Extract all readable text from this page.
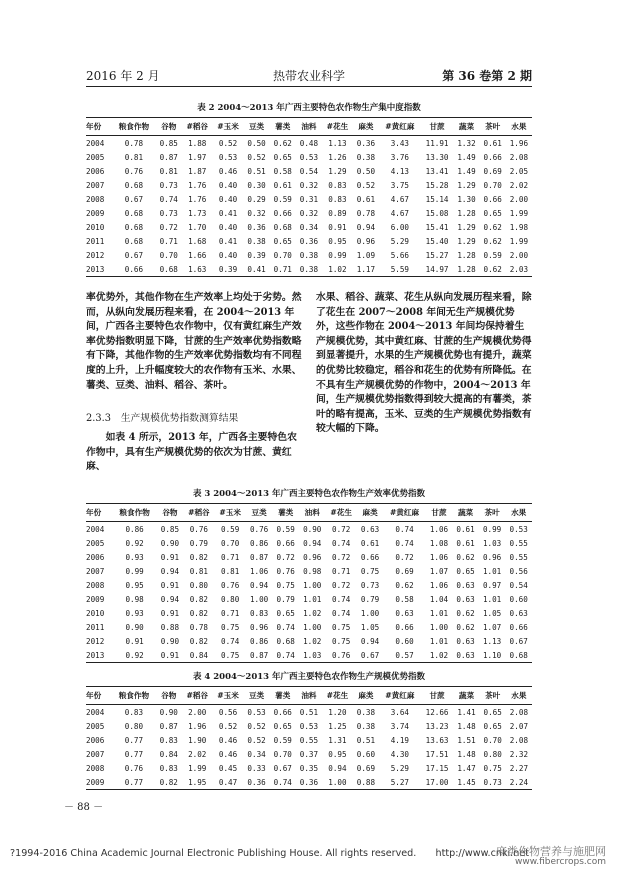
2016 年 2 月	热带农业科学	第 36 卷第 2 期
表 2 2004～2013 年广西主要特色农作物生产集中度指数
年份	粮食作物	谷物	#稻谷	#玉米	豆类	薯类	油料	#花生	麻类	#黄红麻	甘蔗	蔬菜	茶叶	水果
2004	0.78	0.85	1.88	0.52	0.50	0.62	0.48	1.13	0.36	3.43	11.91	1.32	0.61	1.96
2005	0.81	0.87	1.97	0.53	0.52	0.65	0.53	1.26	0.38	3.76	13.30	1.49	0.66	2.08
2006	0.76	0.81	1.87	0.46	0.51	0.58	0.54	1.29	0.50	4.13	13.41	1.49	0.69	2.05
2007	0.68	0.73	1.76	0.40	0.30	0.61	0.32	0.83	0.52	3.75	15.28	1.29	0.70	2.02
2008	0.67	0.74	1.76	0.40	0.29	0.59	0.31	0.83	0.61	4.67	15.14	1.30	0.66	2.00
2009	0.68	0.73	1.73	0.41	0.32	0.66	0.32	0.89	0.78	4.67	15.08	1.28	0.65	1.99
2010	0.68	0.72	1.70	0.40	0.36	0.68	0.34	0.91	0.94	6.00	15.41	1.29	0.62	1.98
2011	0.68	0.71	1.68	0.41	0.38	0.65	0.36	0.95	0.96	5.29	15.40	1.29	0.62	1.99
2012	0.67	0.70	1.66	0.40	0.39	0.70	0.38	0.99	1.09	5.66	15.27	1.28	0.59	2.00
2013	0.66	0.68	1.63	0.39	0.41	0.71	0.38	1.02	1.17	5.59	14.97	1.28	0.62	2.03
率优势外，其他作物在生产效率上均处于劣势。然而，从纵向发展历程来看，在 2004～2013 年间，广西各主要特色农作物中，仅有黄红麻生产效率优势指数明显下降，甘蔗的生产效率优势指数略有下降，其他作物的生产效率优势指数均有不同程度的上升，上升幅度较大的农作物有玉米、水果、薯类、豆类、油料、稻谷、茶叶。
2.3.3　生产规模优势指数测算结果
如表 4 所示，2013 年，广西各主要特色农作物中，具有生产规模优势的依次为甘蔗、黄红麻、
水果、稻谷、蔬菜、花生从纵向发展历程来看，除了花生在 2007～2008 年间无生产规模优势外，这些作物在 2004～2013 年间均保持着生产规模优势，其中黄红麻、甘蔗的生产规模优势得到显著提升，水果的生产规模优势也有提升，蔬菜的优势比较稳定，稻谷和花生的优势有所降低。在不具有生产规模优势的作物中，2004～2013 年间，生产规模优势指数得到较大提高的有薯类，茶叶的略有提高，玉米、豆类的生产规模优势指数有较大幅的下降。
表 3 2004～2013 年广西主要特色农作物生产效率优势指数
年份	粮食作物	谷物	#稻谷	#玉米	豆类	薯类	油料	#花生	麻类	#黄红麻	甘蔗	蔬菜	茶叶	水果
2004	0.86	0.85	0.76	0.59	0.76	0.59	0.90	0.72	0.63	0.74	1.06	0.61	0.99	0.53
2005	0.92	0.90	0.79	0.70	0.86	0.66	0.94	0.74	0.61	0.74	1.08	0.61	1.03	0.55
2006	0.93	0.91	0.82	0.71	0.87	0.72	0.96	0.72	0.66	0.72	1.06	0.62	0.96	0.55
2007	0.99	0.94	0.81	0.81	1.06	0.76	0.98	0.71	0.75	0.69	1.07	0.65	1.01	0.56
2008	0.95	0.91	0.80	0.76	0.94	0.75	1.00	0.72	0.73	0.62	1.06	0.63	0.97	0.54
2009	0.98	0.94	0.82	0.80	1.00	0.79	1.01	0.74	0.79	0.58	1.04	0.63	1.01	0.60
2010	0.93	0.91	0.82	0.71	0.83	0.65	1.02	0.74	1.00	0.63	1.01	0.62	1.05	0.63
2011	0.90	0.88	0.78	0.75	0.96	0.74	1.00	0.75	1.05	0.66	1.00	0.62	1.07	0.66
2012	0.91	0.90	0.82	0.74	0.86	0.68	1.02	0.75	0.94	0.60	1.01	0.63	1.13	0.67
2013	0.92	0.91	0.84	0.75	0.87	0.74	1.03	0.76	0.67	0.57	1.02	0.63	1.10	0.68
表 4 2004～2013 年广西主要特色农作物生产规模优势指数
年份	粮食作物	谷物	#稻谷	#玉米	豆类	薯类	油料	#花生	麻类	#黄红麻	甘蔗	蔬菜	茶叶	水果
2004	0.83	0.90	2.00	0.56	0.53	0.66	0.51	1.20	0.38	3.64	12.66	1.41	0.65	2.08
2005	0.80	0.87	1.96	0.52	0.52	0.65	0.53	1.25	0.38	3.74	13.23	1.48	0.65	2.07
2006	0.77	0.83	1.90	0.46	0.52	0.59	0.55	1.31	0.51	4.19	13.63	1.51	0.70	2.08
2007	0.77	0.84	2.02	0.46	0.34	0.70	0.37	0.95	0.60	4.30	17.51	1.48	0.80	2.32
2008	0.76	0.83	1.99	0.45	0.33	0.67	0.35	0.94	0.69	5.29	17.15	1.47	0.75	2.27
2009	0.77	0.82	1.95	0.47	0.36	0.74	0.36	1.00	0.88	5.27	17.00	1.45	0.73	2.24
－ 88 －
?1994-2016 China Academic Journal Electronic Publishing House. All rights reserved.　　http://www.cnki.net
麻类作物营养与施肥网
www.fibercrops.com
